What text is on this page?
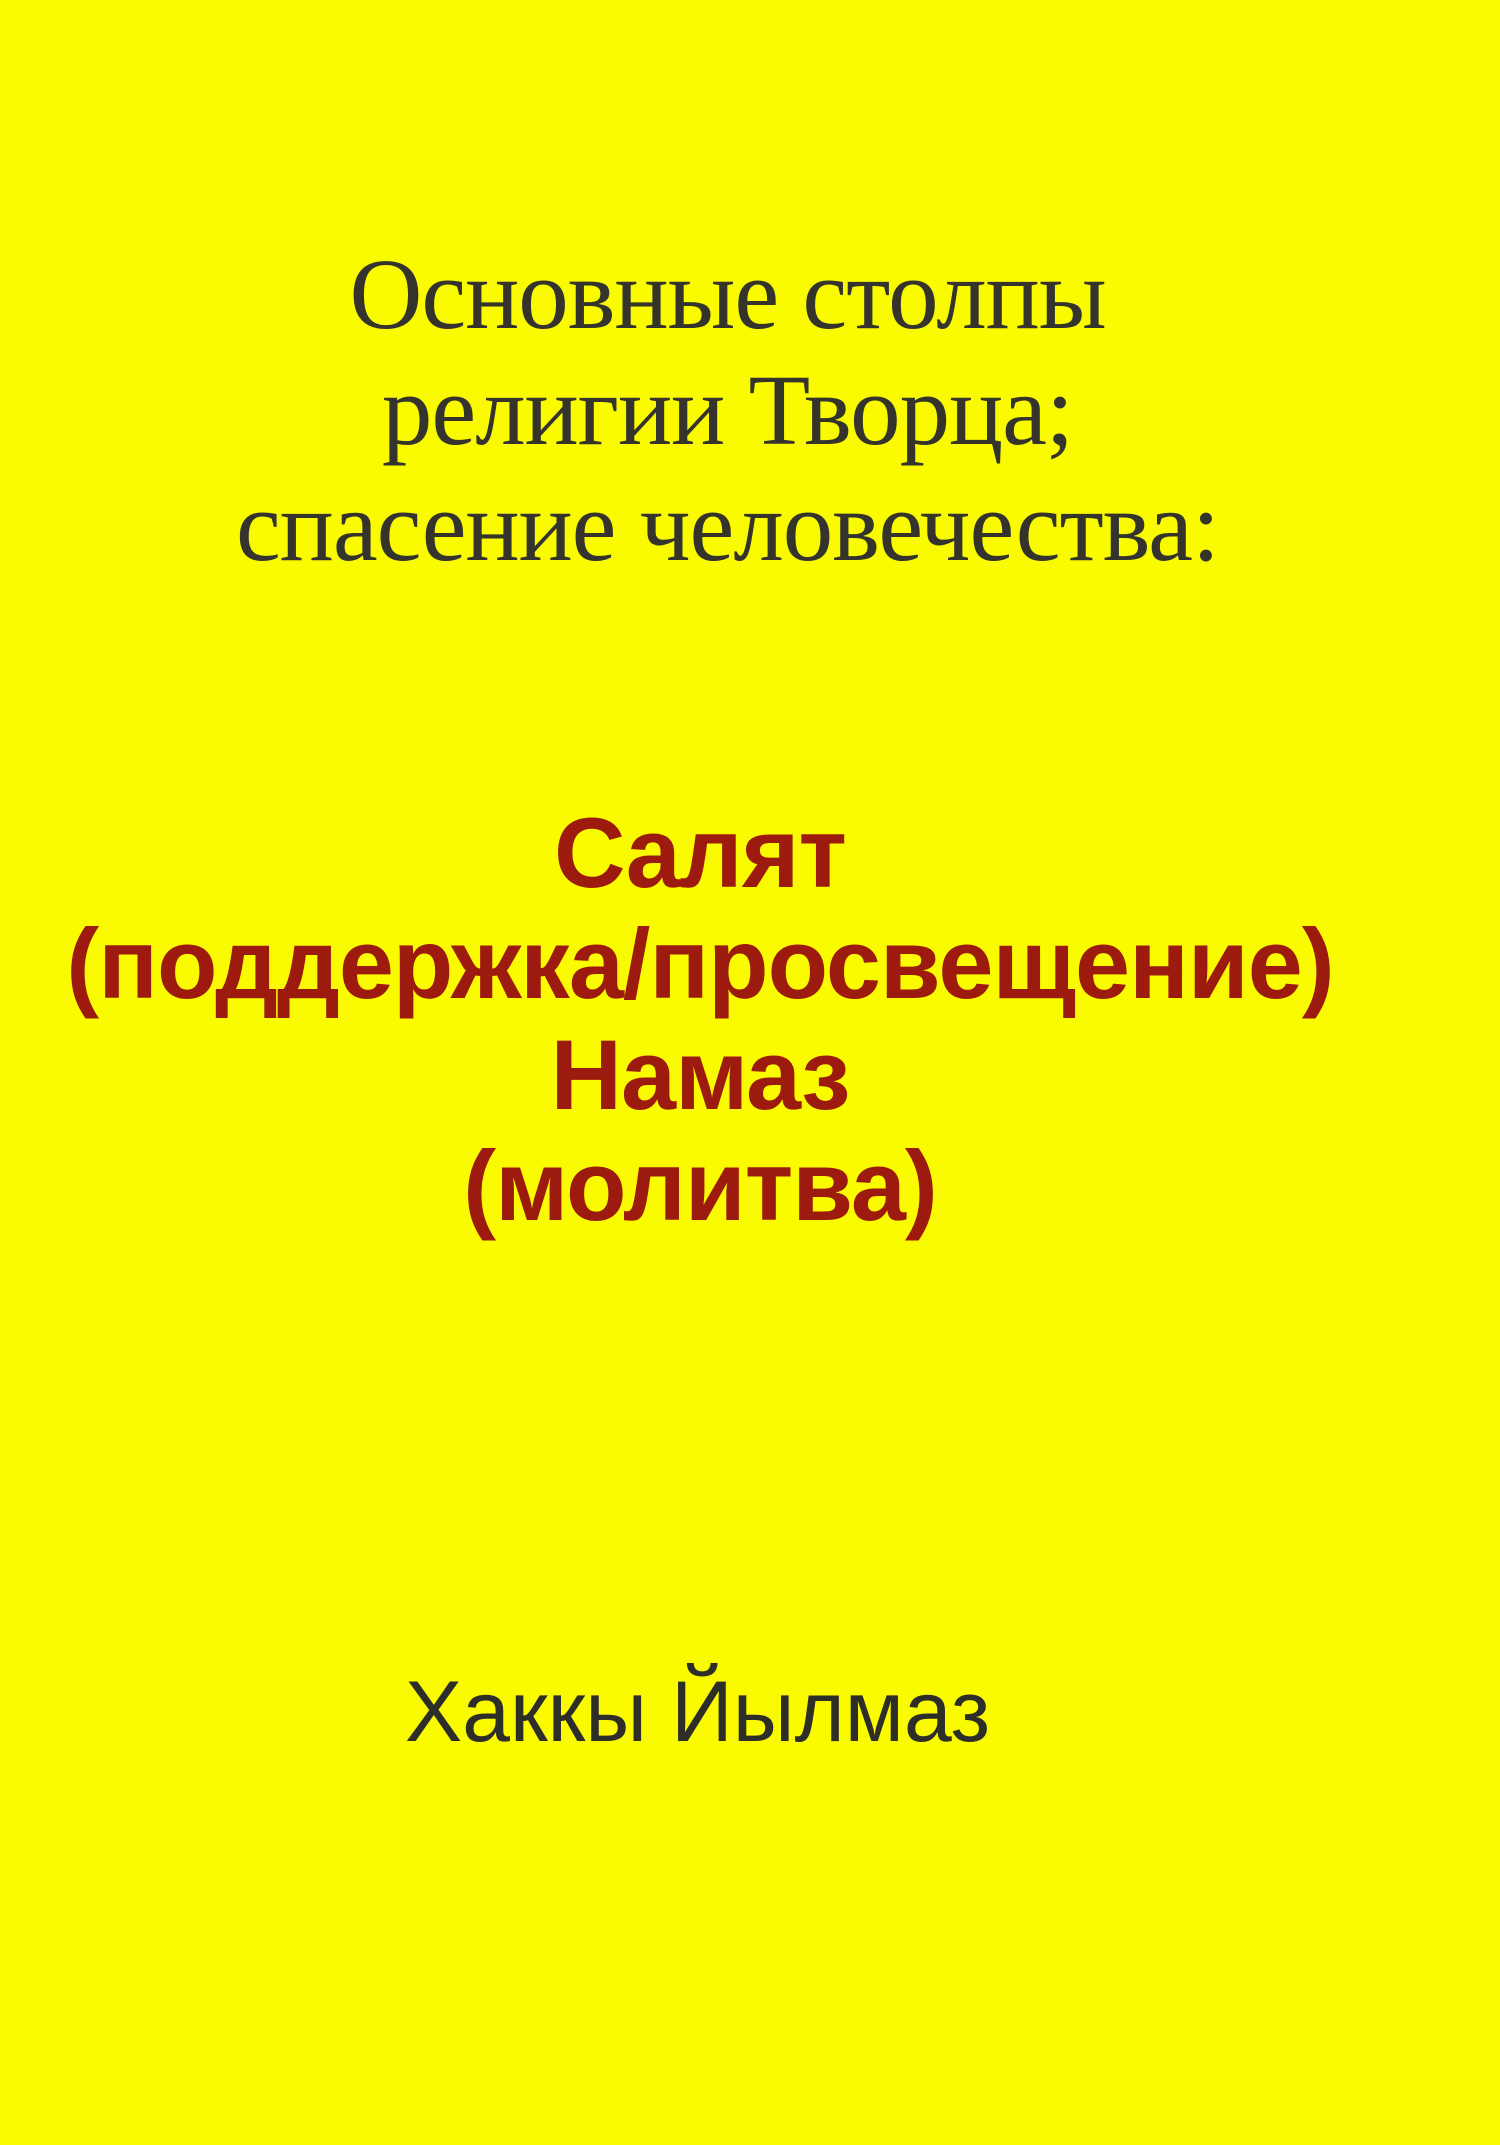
Основные столпы
религии Творца;
спасение человечества:
Салят
(поддержка/просвещение)
Намаз
(молитва)
Хаккы Йылмаз
